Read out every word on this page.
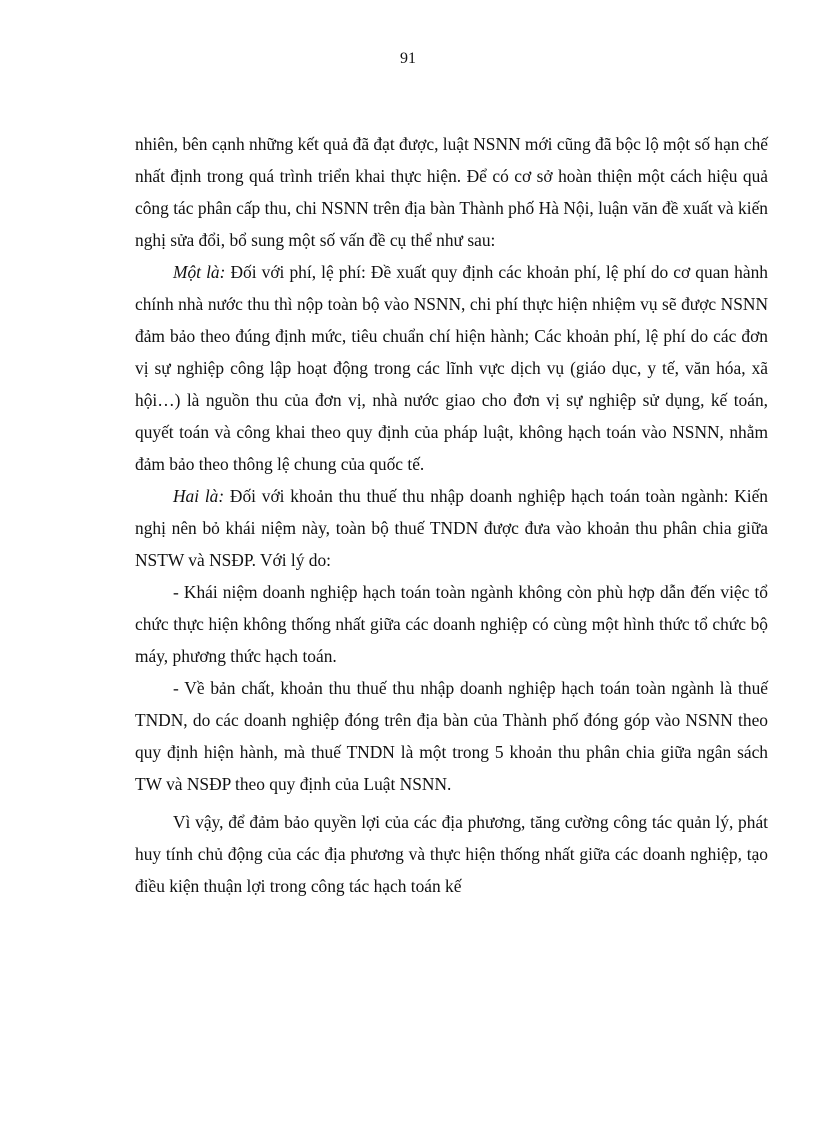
91

nhiên, bên cạnh những kết quả đã đạt được, luật NSNN mới cũng đã bộc lộ một số hạn chế nhất định trong quá trình triển khai thực hiện. Để có cơ sở hoàn thiện một cách hiệu quả công tác phân cấp thu, chi NSNN trên địa bàn Thành phố Hà Nội, luận văn đề xuất và kiến nghị sửa đổi, bổ sung một số vấn đề cụ thể như sau:

Một là: Đối với phí, lệ phí: Đề xuất quy định các khoản phí, lệ phí do cơ quan hành chính nhà nước thu thì nộp toàn bộ vào NSNN, chi phí thực hiện nhiệm vụ sẽ được NSNN đảm bảo theo đúng định mức, tiêu chuẩn chí hiện hành; Các khoản phí, lệ phí do các đơn vị sự nghiệp công lập hoạt động trong các lĩnh vực dịch vụ (giáo dục, y tế, văn hóa, xã hội…) là nguồn thu của đơn vị, nhà nước giao cho đơn vị sự nghiệp sử dụng, kế toán, quyết toán và công khai theo quy định của pháp luật, không hạch toán vào NSNN, nhằm đảm bảo theo thông lệ chung của quốc tế.

Hai là: Đối với khoản thu thuế thu nhập doanh nghiệp hạch toán toàn ngành: Kiến nghị nên bỏ khái niệm này, toàn bộ thuế TNDN được đưa vào khoản thu phân chia giữa NSTW và NSĐP. Với lý do:

- Khái niệm doanh nghiệp hạch toán toàn ngành không còn phù hợp dẫn đến việc tổ chức thực hiện không thống nhất giữa các doanh nghiệp có cùng một hình thức tổ chức bộ máy, phương thức hạch toán.

- Về bản chất, khoản thu thuế thu nhập doanh nghiệp hạch toán toàn ngành là thuế TNDN, do các doanh nghiệp đóng trên địa bàn của Thành phố đóng góp vào NSNN theo quy định hiện hành, mà thuế TNDN là một trong 5 khoản thu phân chia giữa ngân sách TW và NSĐP theo quy định của Luật NSNN.

Vì vậy, để đảm bảo quyền lợi của các địa phương, tăng cường công tác quản lý, phát huy tính chủ động của các địa phương và thực hiện thống nhất giữa các doanh nghiệp, tạo điều kiện thuận lợi trong công tác hạch toán kế
